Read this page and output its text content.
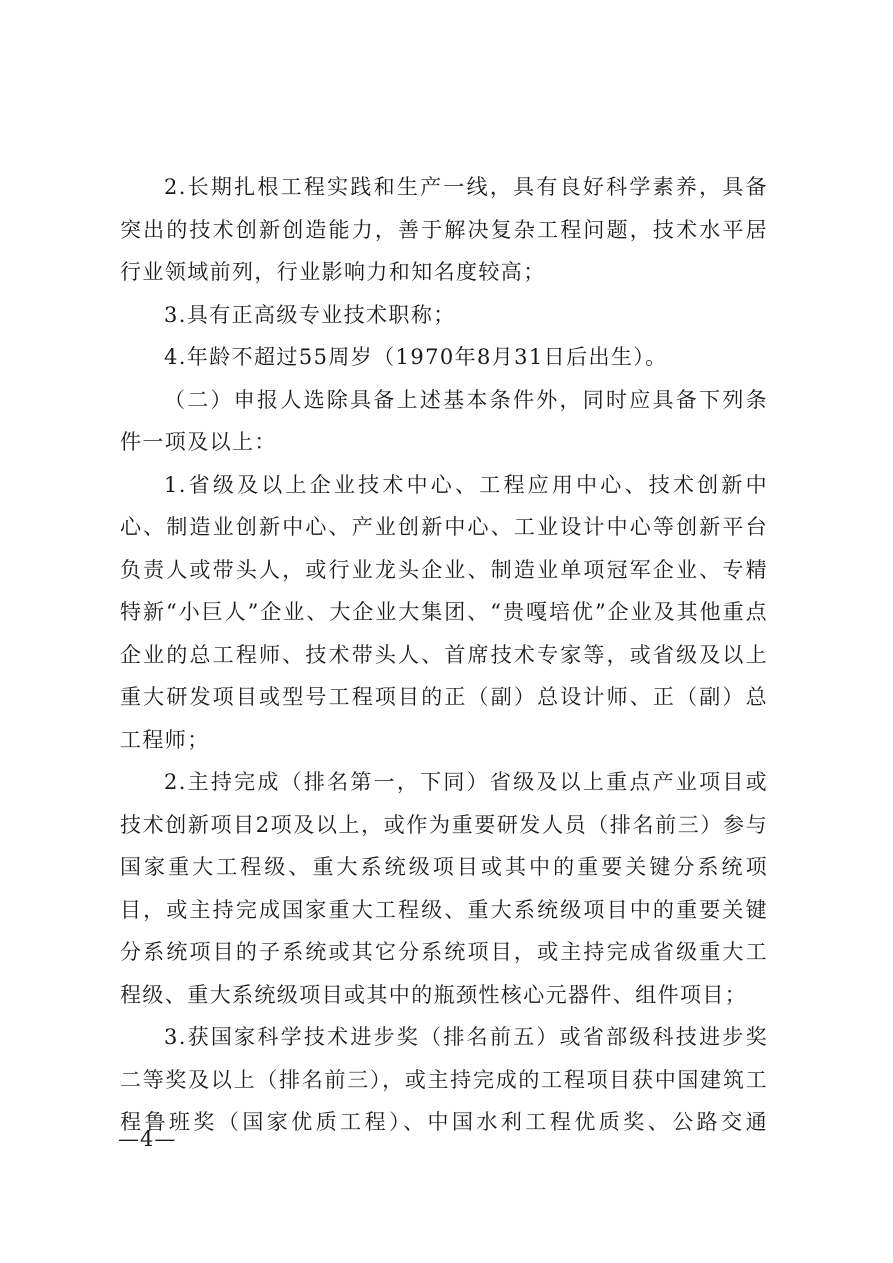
2.长期扎根工程实践和生产一线，具有良好科学素养，具备突出的技术创新创造能力，善于解决复杂工程问题，技术水平居行业领域前列，行业影响力和知名度较高；

3.具有正高级专业技术职称；

4.年龄不超过55周岁（1970年8月31日后出生）。

（二）申报人选除具备上述基本条件外，同时应具备下列条件一项及以上：

1.省级及以上企业技术中心、工程应用中心、技术创新中心、制造业创新中心、产业创新中心、工业设计中心等创新平台负责人或带头人，或行业龙头企业、制造业单项冠军企业、专精特新“小巨人”企业、大企业大集团、“贵嘎培优”企业及其他重点企业的总工程师、技术带头人、首席技术专家等，或省级及以上重大研发项目或型号工程项目的正（副）总设计师、正（副）总工程师；

2.主持完成（排名第一，下同）省级及以上重点产业项目或技术创新项目2项及以上，或作为重要研发人员（排名前三）参与国家重大工程级、重大系统级项目或其中的重要关键分系统项目，或主持完成国家重大工程级、重大系统级项目中的重要关键分系统项目的子系统或其它分系统项目，或主持完成省级重大工程级、重大系统级项目或其中的瓶颈性核心元器件、组件项目；

3.获国家科学技术进步奖（排名前五）或省部级科技进步奖二等奖及以上（排名前三），或主持完成的工程项目获中国建筑工程鲁班奖（国家优质工程）、中国水利工程优质奖、公路交通

—4—
